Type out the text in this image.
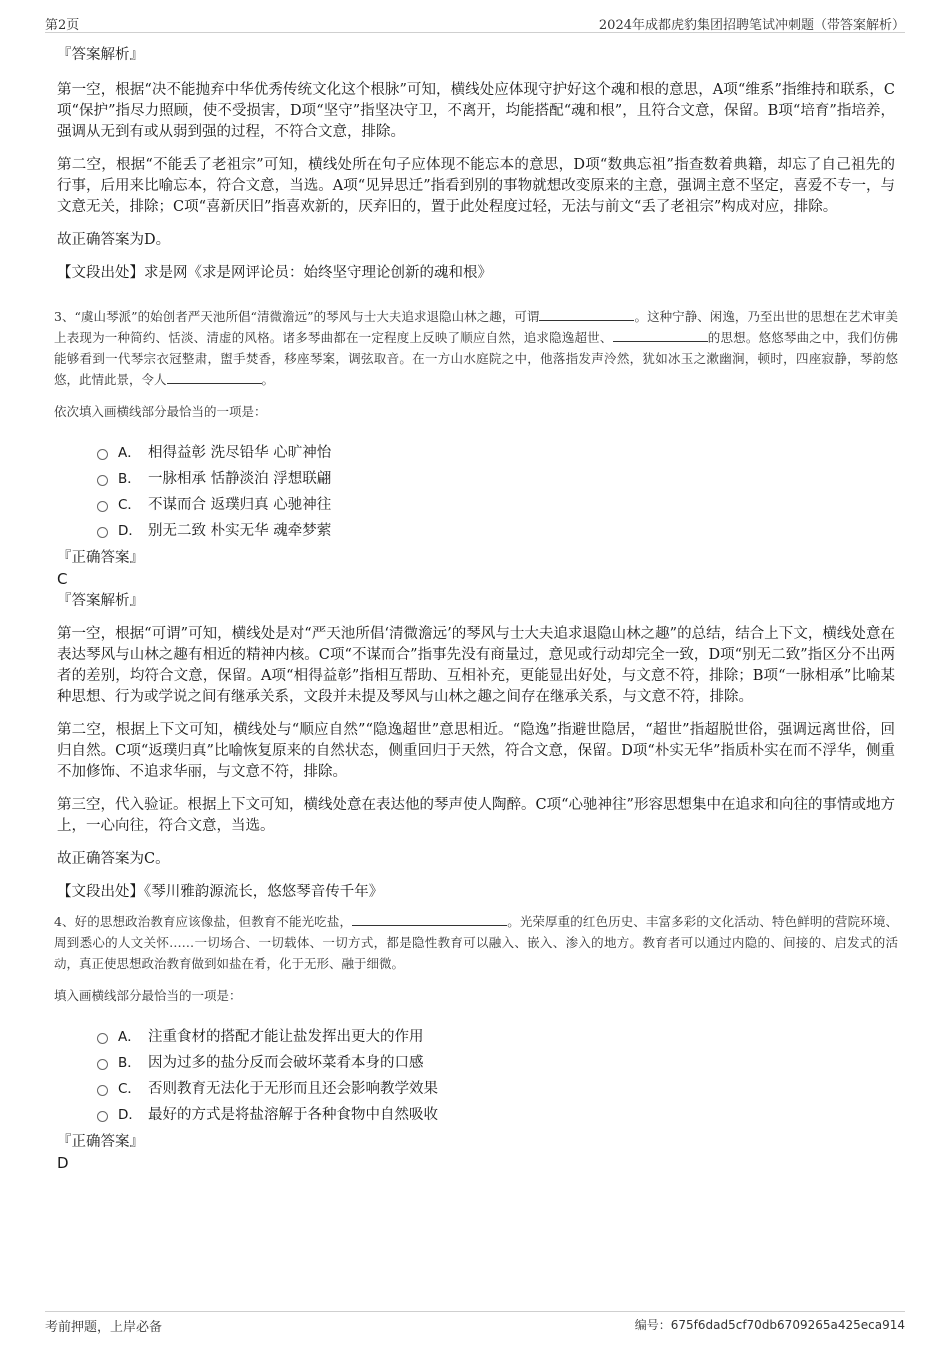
第2页	2024年成都虎豹集团招聘笔试冲刺题（带答案解析）

『答案解析』

第一空，根据“决不能抛弃中华优秀传统文化这个根脉”可知，横线处应体现守护好这个魂和根的意思，A项“维系”指维持和联系，C项“保护”指尽力照顾，使不受损害，D项“坚守”指坚决守卫，不离开，均能搭配“魂和根”，且符合文意，保留。B项“培育”指培养，强调从无到有或从弱到强的过程，不符合文意，排除。

第二空，根据“不能丢了老祖宗”可知，横线处所在句子应体现不能忘本的意思，D项“数典忘祖”指查数着典籍，却忘了自己祖先的行事，后用来比喻忘本，符合文意，当选。A项“见异思迁”指看到别的事物就想改变原来的主意，强调主意不坚定，喜爱不专一，与文意无关，排除；C项“喜新厌旧”指喜欢新的，厌弃旧的，置于此处程度过轻，无法与前文“丢了老祖宗”构成对应，排除。

故正确答案为D。

【文段出处】求是网《求是网评论员：始终坚守理论创新的魂和根》

3、“虞山琴派”的始创者严天池所倡“清微澹远”的琴风与士大夫追求退隐山林之趣，可谓	。这种宁静、闲逸，乃至出世的思想在艺术审美上表现为一种简约、恬淡、清虚的风格。诸多琴曲都在一定程度上反映了顺应自然，追求隐逸超世、	的思想。悠悠琴曲之中，我们仿佛能够看到一代琴宗衣冠整肃，盥手焚香，移座琴案，调弦取音。在一方山水庭院之中，他落指发声泠然，犹如冰玉之漱幽涧，顿时，四座寂静，琴韵悠悠，此情此景，令人	。

依次填入画横线部分最恰当的一项是：

A． 相得益彰 洗尽铅华 心旷神怡
B． 一脉相承 恬静淡泊 浮想联翩
C． 不谋而合 返璞归真 心驰神往
D． 别无二致 朴实无华 魂牵梦萦

『正确答案』

C

『答案解析』

第一空，根据“可谓”可知，横线处是对“严天池所倡‘清微澹远’的琴风与士大夫追求退隐山林之趣”的总结，结合上下文，横线处意在表达琴风与山林之趣有相近的精神内核。C项“不谋而合”指事先没有商量过，意见或行动却完全一致，D项“别无二致”指区分不出两者的差别，均符合文意，保留。A项“相得益彰”指相互帮助、互相补充，更能显出好处，与文意不符，排除；B项“一脉相承”比喻某种思想、行为或学说之间有继承关系，文段并未提及琴风与山林之趣之间存在继承关系，与文意不符，排除。

第二空，根据上下文可知，横线处与“顺应自然”“隐逸超世”意思相近。“隐逸”指避世隐居，“超世”指超脱世俗，强调远离世俗，回归自然。C项“返璞归真”比喻恢复原来的自然状态，侧重回归于天然，符合文意，保留。D项“朴实无华”指质朴实在而不浮华，侧重不加修饰、不追求华丽，与文意不符，排除。

第三空，代入验证。根据上下文可知，横线处意在表达他的琴声使人陶醉。C项“心驰神往”形容思想集中在追求和向往的事情或地方上，一心向往，符合文意，当选。

故正确答案为C。

【文段出处】《琴川雅韵源流长，悠悠琴音传千年》

4、好的思想政治教育应该像盐，但教育不能光吃盐，	。光荣厚重的红色历史、丰富多彩的文化活动、特色鲜明的营院环境、周到悉心的人文关怀……一切场合、一切载体、一切方式，都是隐性教育可以融入、嵌入、渗入的地方。教育者可以通过内隐的、间接的、启发式的活动，真正使思想政治教育做到如盐在肴，化于无形、融于细微。

填入画横线部分最恰当的一项是：

A． 注重食材的搭配才能让盐发挥出更大的作用
B． 因为过多的盐分反而会破坏菜肴本身的口感
C． 否则教育无法化于无形而且还会影响教学效果
D． 最好的方式是将盐溶解于各种食物中自然吸收

『正确答案』

D

考前押题，上岸必备	编号：675f6dad5cf70db6709265a425eca914
